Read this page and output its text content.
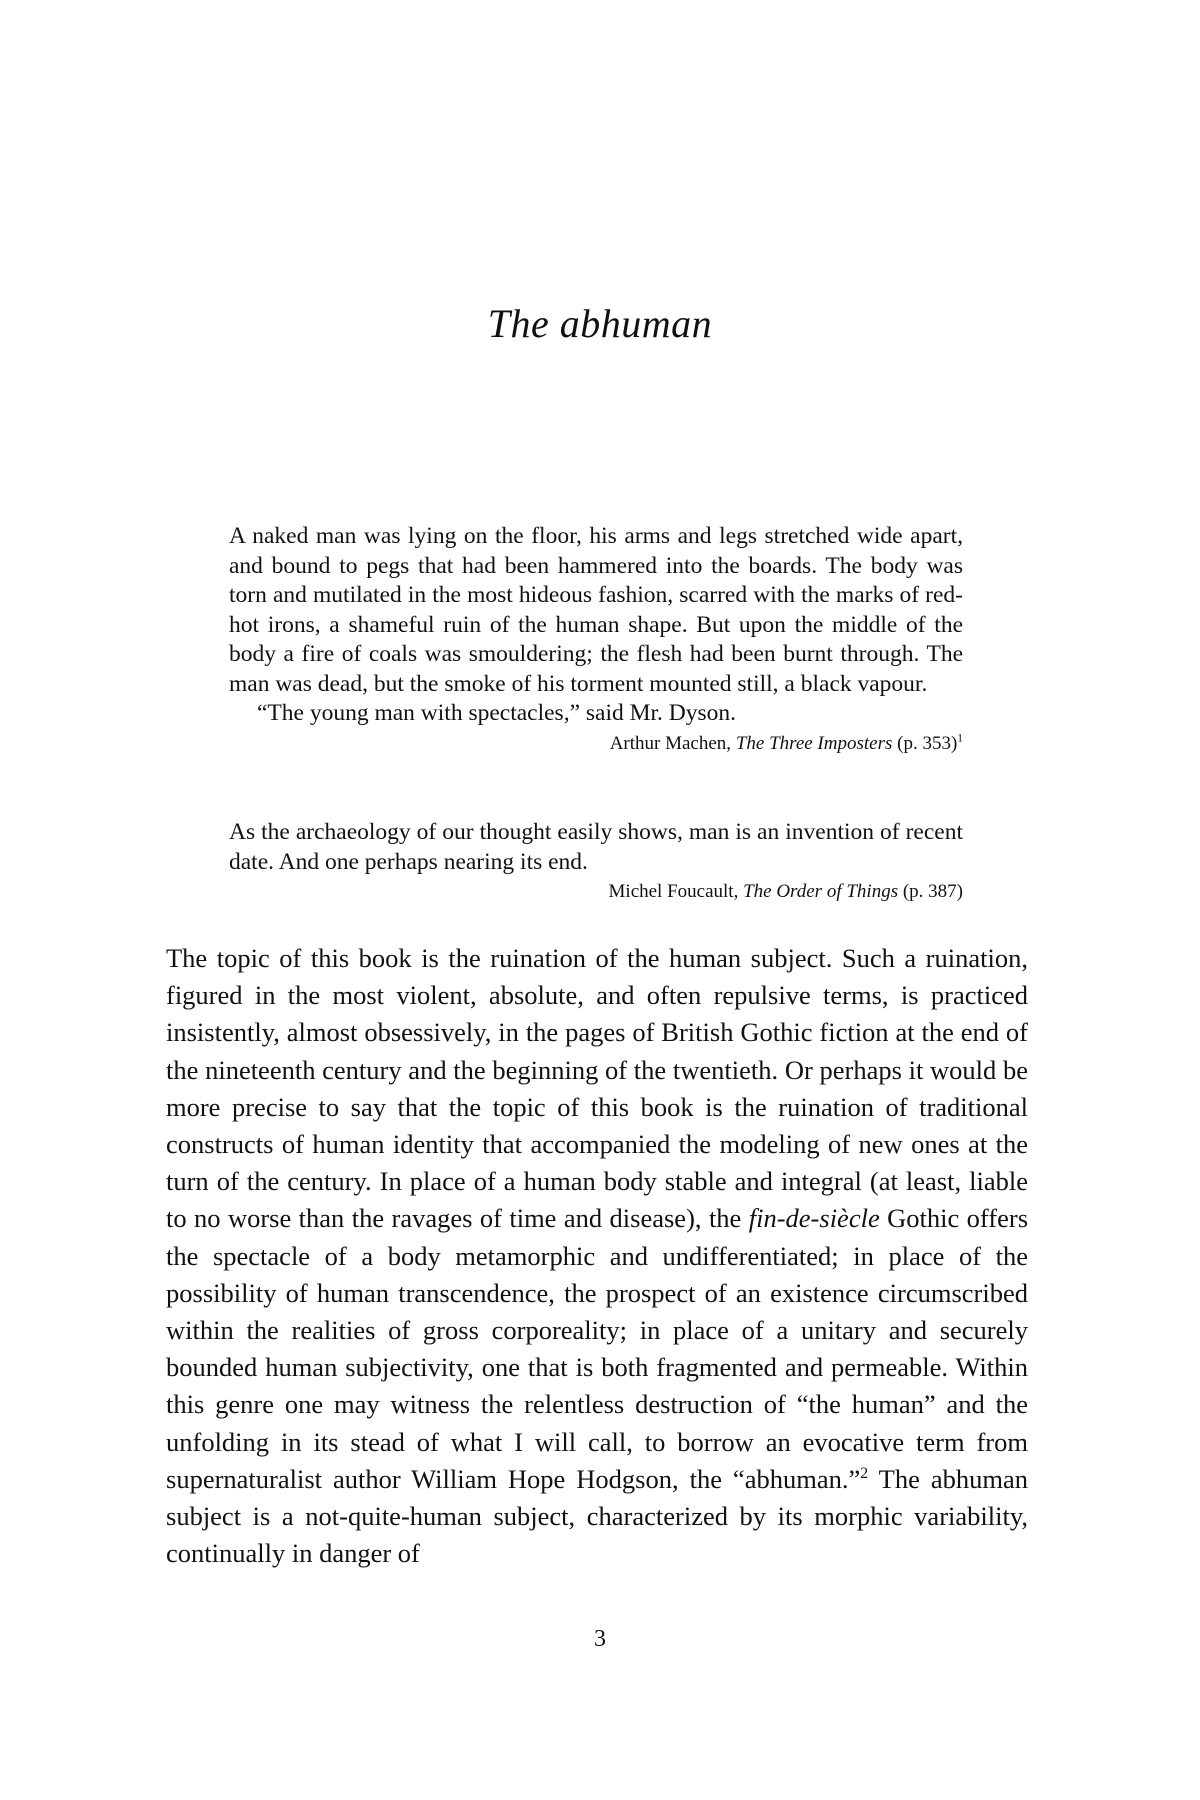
The abhuman

A naked man was lying on the floor, his arms and legs stretched wide apart, and bound to pegs that had been hammered into the boards. The body was torn and mutilated in the most hideous fashion, scarred with the marks of red-hot irons, a shameful ruin of the human shape. But upon the middle of the body a fire of coals was smouldering; the flesh had been burnt through. The man was dead, but the smoke of his torment mounted still, a black vapour.

“The young man with spectacles,” said Mr. Dyson.

Arthur Machen, The Three Imposters (p. 353)$^1$

As the archaeology of our thought easily shows, man is an invention of recent date. And one perhaps nearing its end.

Michel Foucault, The Order of Things (p. 387)

The topic of this book is the ruination of the human subject. Such a ruination, figured in the most violent, absolute, and often repulsive terms, is practiced insistently, almost obsessively, in the pages of British Gothic fiction at the end of the nineteenth century and the beginning of the twentieth. Or perhaps it would be more precise to say that the topic of this book is the ruination of traditional constructs of human identity that accompanied the modeling of new ones at the turn of the century. In place of a human body stable and integral (at least, liable to no worse than the ravages of time and disease), the fin-de-siècle Gothic offers the spectacle of a body metamorphic and undifferentiated; in place of the possibility of human transcendence, the prospect of an existence circumscribed within the realities of gross corporeality; in place of a unitary and securely bounded human subjectivity, one that is both fragmented and permeable. Within this genre one may witness the relentless destruction of “the human” and the unfolding in its stead of what I will call, to borrow an evocative term from supernaturalist author William Hope Hodgson, the “abhuman.”$^2$ The abhuman subject is a not-quite-human subject, characterized by its morphic variability, continually in danger of

3
